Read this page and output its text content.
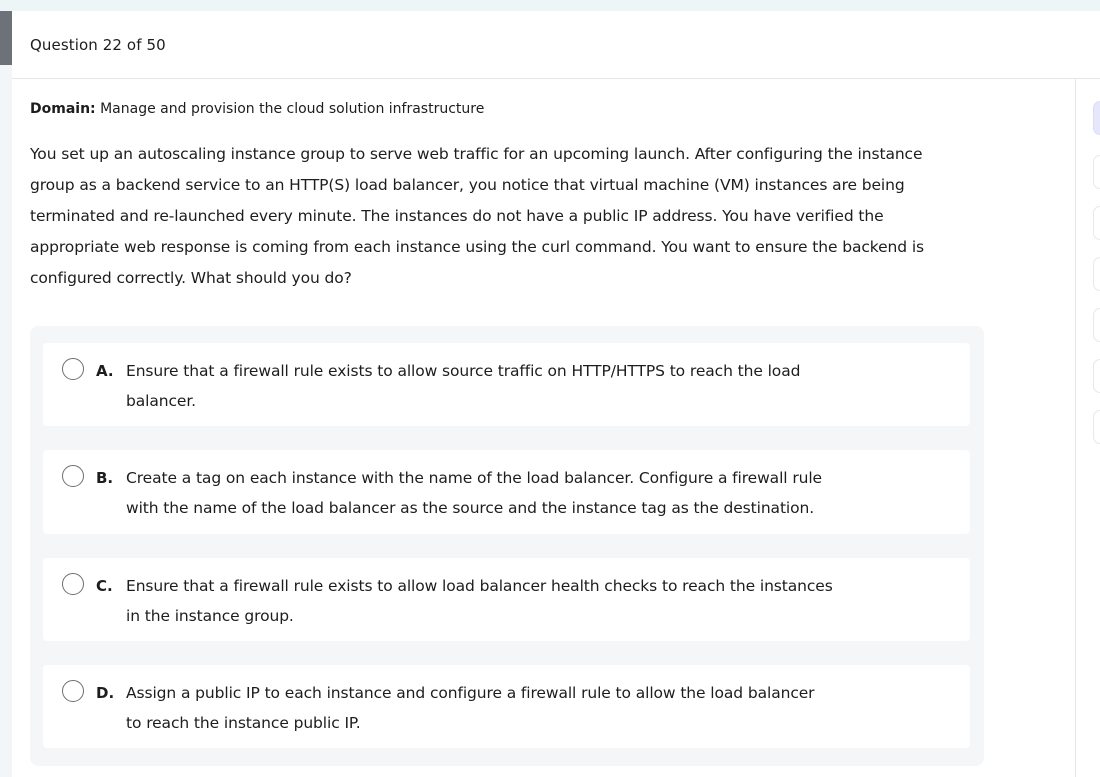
Question 22 of 50
Domain: Manage and provision the cloud solution infrastructure
You set up an autoscaling instance group to serve web traffic for an upcoming launch. After configuring the instance
group as a backend service to an HTTP(S) load balancer, you notice that virtual machine (VM) instances are being
terminated and re-launched every minute. The instances do not have a public IP address. You have verified the
appropriate web response is coming from each instance using the curl command. You want to ensure the backend is
configured correctly. What should you do?
A. Ensure that a firewall rule exists to allow source traffic on HTTP/HTTPS to reach the load
balancer.
B. Create a tag on each instance with the name of the load balancer. Configure a firewall rule
with the name of the load balancer as the source and the instance tag as the destination.
C. Ensure that a firewall rule exists to allow load balancer health checks to reach the instances
in the instance group.
D. Assign a public IP to each instance and configure a firewall rule to allow the load balancer
to reach the instance public IP.
